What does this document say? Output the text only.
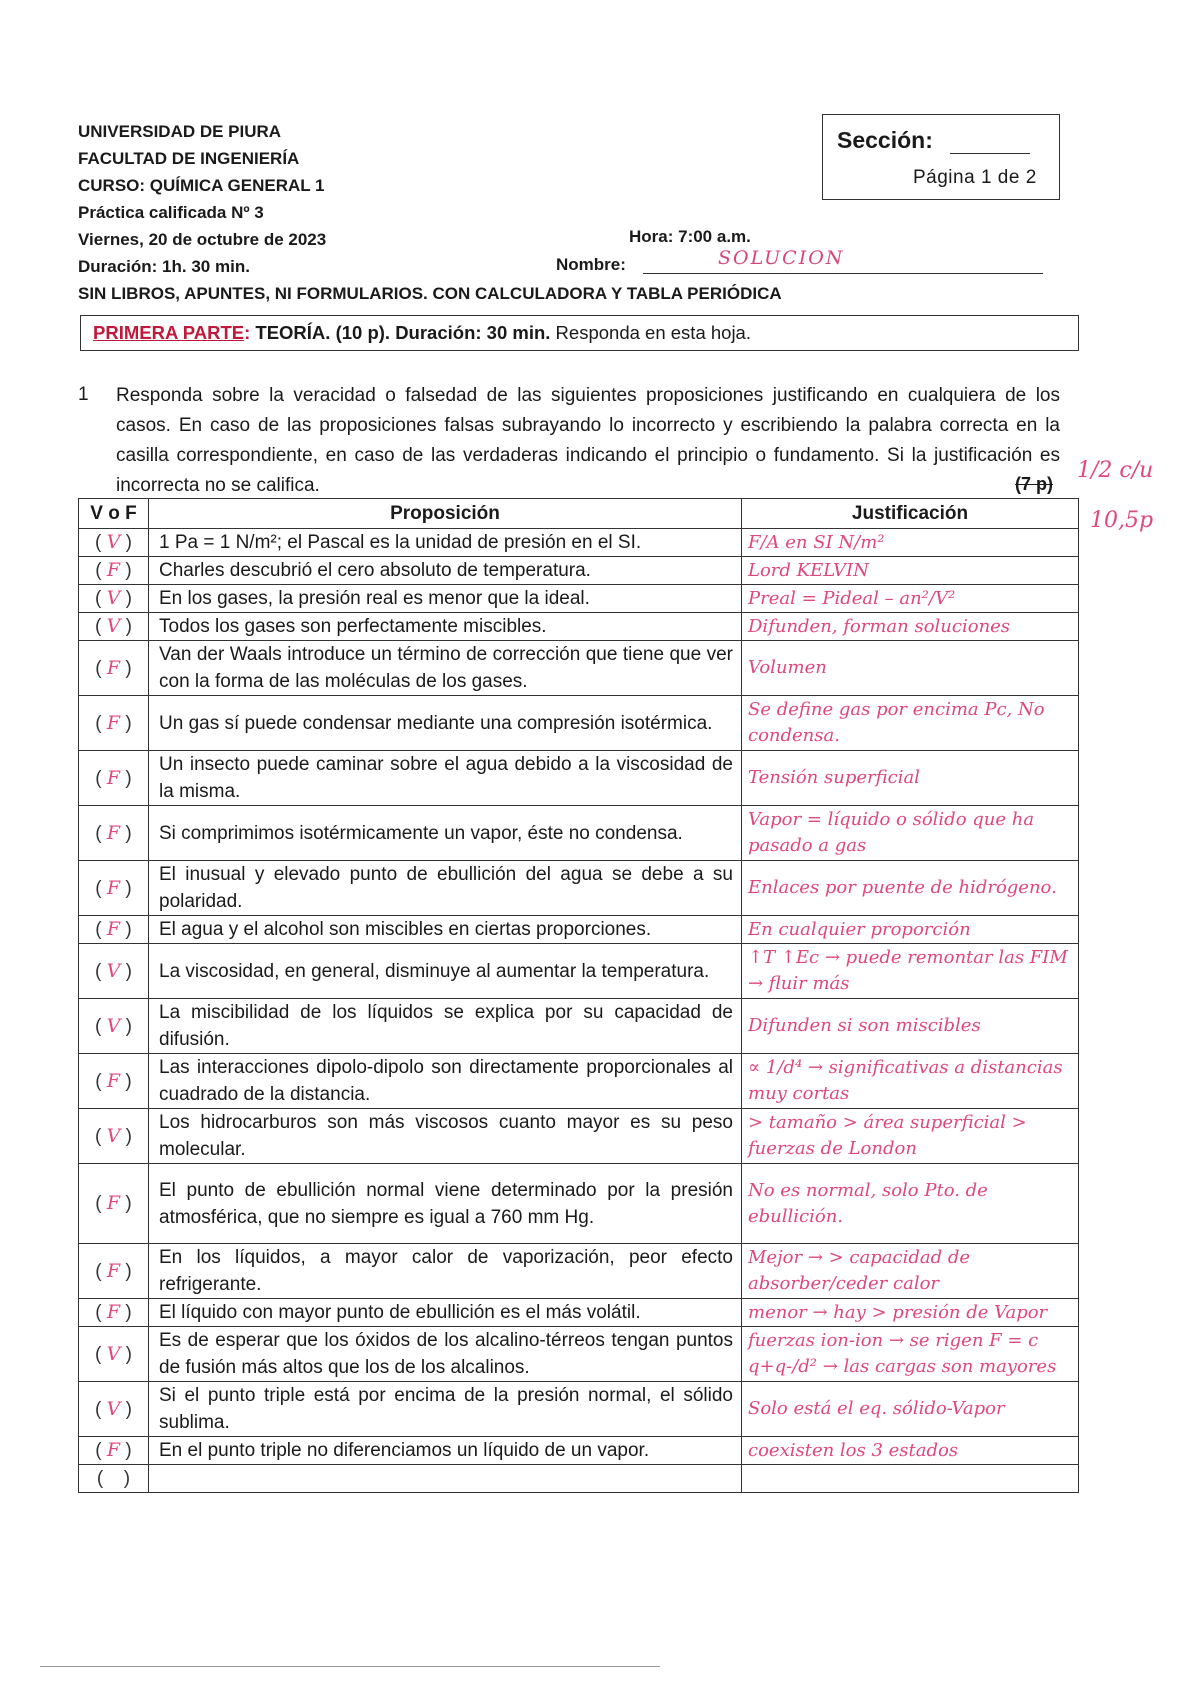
UNIVERSIDAD DE PIURA
FACULTAD DE INGENIERÍA
CURSO: QUÍMICA GENERAL 1
Práctica calificada Nº 3
Viernes, 20 de octubre de 2023
Duración: 1h. 30 min.
Hora: 7:00 a.m.
Nombre:	SOLUCION
SIN LIBROS, APUNTES, NI FORMULARIOS. CON CALCULADORA Y TABLA PERIÓDICA
Sección:
Página 1 de 2
PRIMERA PARTE: TEORÍA. (10 p). Duración: 30 min. Responda en esta hoja.
1 Responda sobre la veracidad o falsedad de las siguientes proposiciones justificando en cualquiera de los casos. En caso de las proposiciones falsas subrayando lo incorrecto y escribiendo la palabra correcta en la casilla correspondiente, en caso de las verdaderas indicando el principio o fundamento. Si la justificación es incorrecta no se califica.	(7 p)
1/2 c/u
10,5p
V o F	Proposición	Justificación
( V )	1 Pa = 1 N/m²; el Pascal es la unidad de presión en el SI.	F/A en SI N/m²
( F )	Charles descubrió el cero absoluto de temperatura.	Lord KELVIN
( V )	En los gases, la presión real es menor que la ideal.	Preal = Pideal – an²/V²
( V )	Todos los gases son perfectamente miscibles.	Difunden, forman soluciones
( F )	Van der Waals introduce un término de corrección que tiene que ver con la forma de las moléculas de los gases.	Volumen
( F )	Un gas sí puede condensar mediante una compresión isotérmica.	Se define gas por encima Pc, No condensa.
( F )	Un insecto puede caminar sobre el agua debido a la viscosidad de la misma.	Tensión superficial
( F )	Si comprimimos isotérmicamente un vapor, éste no condensa.	Vapor = líquido o sólido que ha pasado a gas
( F )	El inusual y elevado punto de ebullición del agua se debe a su polaridad.	Enlaces por puente de hidrógeno.
( F )	El agua y el alcohol son miscibles en ciertas proporciones.	En cualquier proporción
( V )	La viscosidad, en general, disminuye al aumentar la temperatura.	↑T ↑Ec → puede remontar las FIM → fluir más
( V )	La miscibilidad de los líquidos se explica por su capacidad de difusión.	Difunden si son miscibles
( F )	Las interacciones dipolo-dipolo son directamente proporcionales al cuadrado de la distancia.	∝ 1/d⁴ → significativas a distancias muy cortas
( V )	Los hidrocarburos son más viscosos cuanto mayor es su peso molecular.	> tamaño > área superficial > fuerzas de London
( F )	El punto de ebullición normal viene determinado por la presión atmosférica, que no siempre es igual a 760 mm Hg.	No es normal, solo Pto. de ebullición.
( F )	En los líquidos, a mayor calor de vaporización, peor efecto refrigerante.	Mejor → > capacidad de absorber/ceder calor
( F )	El líquido con mayor punto de ebullición es el más volátil.	menor → hay > presión de Vapor
( V )	Es de esperar que los óxidos de los alcalino-térreos tengan puntos de fusión más altos que los de los alcalinos.	fuerzas ion-ion → se rigen F = c q+q-/d² → las cargas son mayores
( V )	Si el punto triple está por encima de la presión normal, el sólido sublima.	Solo está el eq. sólido-Vapor
( F )	En el punto triple no diferenciamos un líquido de un vapor.	coexisten los 3 estados
(  )		
